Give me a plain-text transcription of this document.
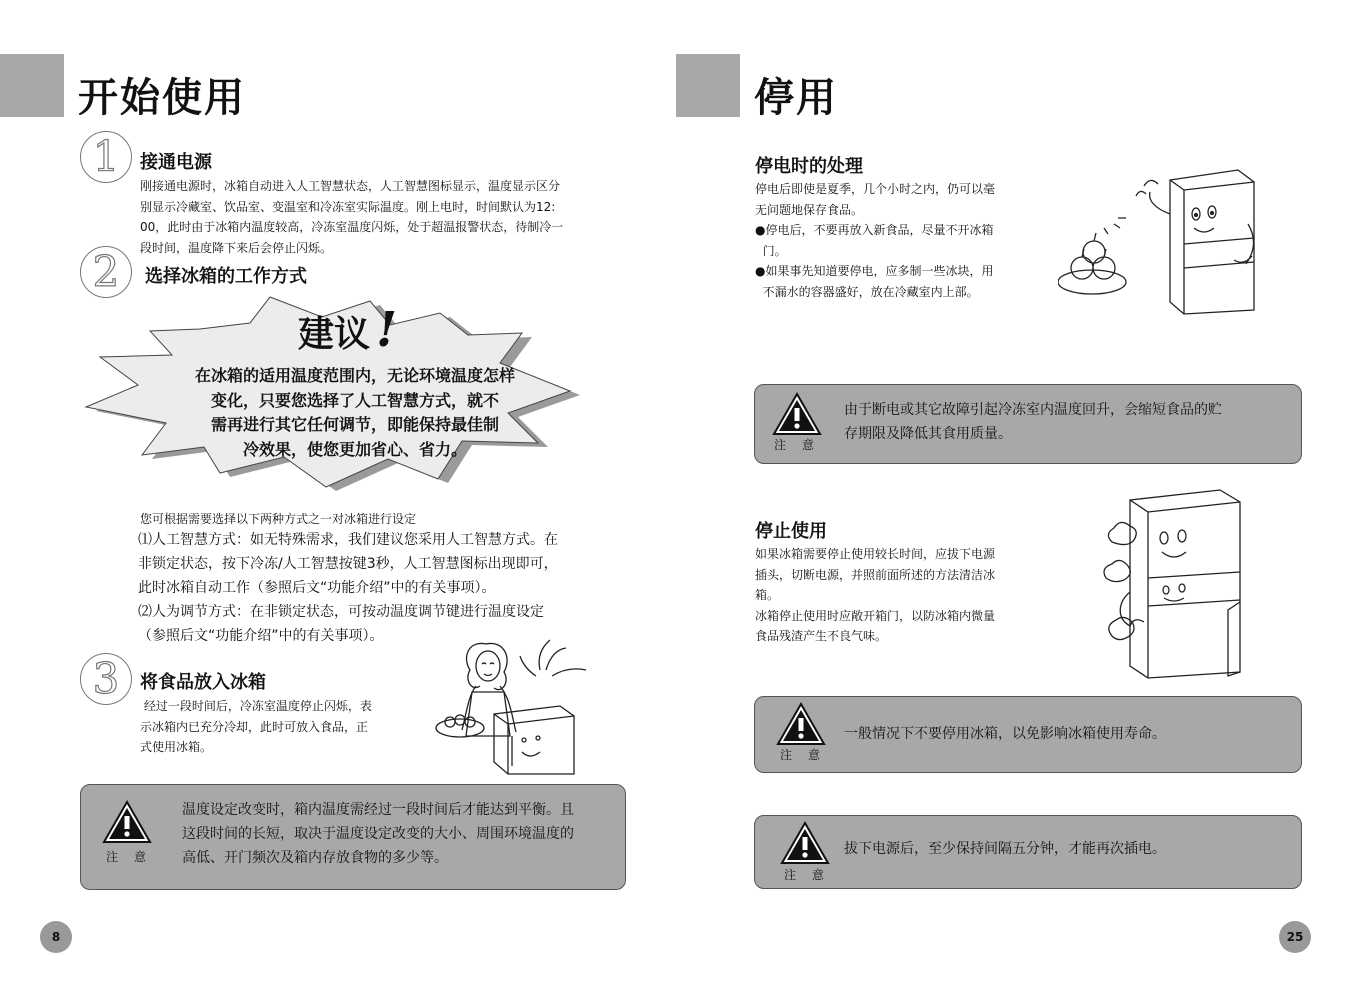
开始使用
1	接通电源
刚接通电源时，冰箱自动进入人工智慧状态，人工智慧图标显示，温度显示区分
别显示冷藏室、饮品室、变温室和冷冻室实际温度。刚上电时，时间默认为12:
00，此时由于冰箱内温度较高，冷冻室温度闪烁，处于超温报警状态，待制冷一
段时间，温度降下来后会停止闪烁。
2	选择冰箱的工作方式
建议 !
在冰箱的适用温度范围内，无论环境温度怎样
变化，只要您选择了人工智慧方式，就不
需再进行其它任何调节，即能保持最佳制
冷效果，使您更加省心、省力。
您可根据需要选择以下两种方式之一对冰箱进行设定
⑴人工智慧方式：如无特殊需求，我们建议您采用人工智慧方式。在
非锁定状态，按下冷冻/人工智慧按键3秒，人工智慧图标出现即可，
此时冰箱自动工作（参照后文“功能介绍”中的有关事项）。
⑵人为调节方式：在非锁定状态，可按动温度调节键进行温度设定
（参照后文“功能介绍”中的有关事项）。
3	将食品放入冰箱
经过一段时间后，冷冻室温度停止闪烁，表
示冰箱内已充分冷却，此时可放入食品，正
式使用冰箱。
注意
温度设定改变时，箱内温度需经过一段时间后才能达到平衡。且
这段时间的长短，取决于温度设定改变的大小、周围环境温度的
高低、开门频次及箱内存放食物的多少等。
8
停用
停电时的处理
停电后即使是夏季，几个小时之内，仍可以毫
无问题地保存食品。
●停电后，不要再放入新食品，尽量不开冰箱
门。
●如果事先知道要停电，应多制一些冰块，用
不漏水的容器盛好，放在冷藏室内上部。
注意
由于断电或其它故障引起冷冻室内温度回升，会缩短食品的贮
存期限及降低其食用质量。
停止使用
如果冰箱需要停止使用较长时间，应拔下电源
插头，切断电源，并照前面所述的方法清洁冰
箱。
冰箱停止使用时应敞开箱门，以防冰箱内微量
食品残渣产生不良气味。
注意
一般情况下不要停用冰箱，以免影响冰箱使用寿命。
注意
拔下电源后，至少保持间隔五分钟，才能再次插电。
25
